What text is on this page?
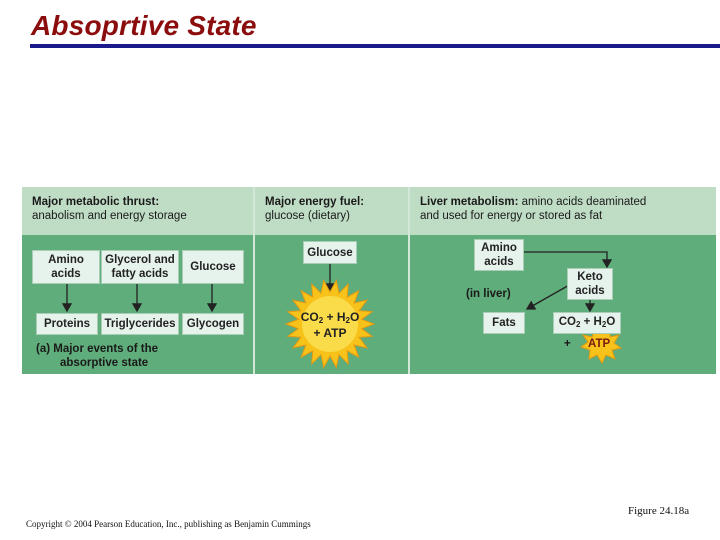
Absoprtive State
Major metabolic thrust:
anabolism and energy storage
Major energy fuel:
glucose (dietary)
Liver metabolism: amino acids deaminated
and used for energy or stored as fat
Amino
acids
Glycerol and
fatty acids
Glucose
Proteins Triglycerides Glycogen
(a) Major events of the
absorptive state
Glucose
$CO_2 + H_2O$
+ ATP
Amino
acids
Keto
acids
(in liver)
Fats	$CO_2 + H_2O$
+ ATP
Figure 24.18a
Copyright © 2004 Pearson Education, Inc., publishing as Benjamin Cummings
